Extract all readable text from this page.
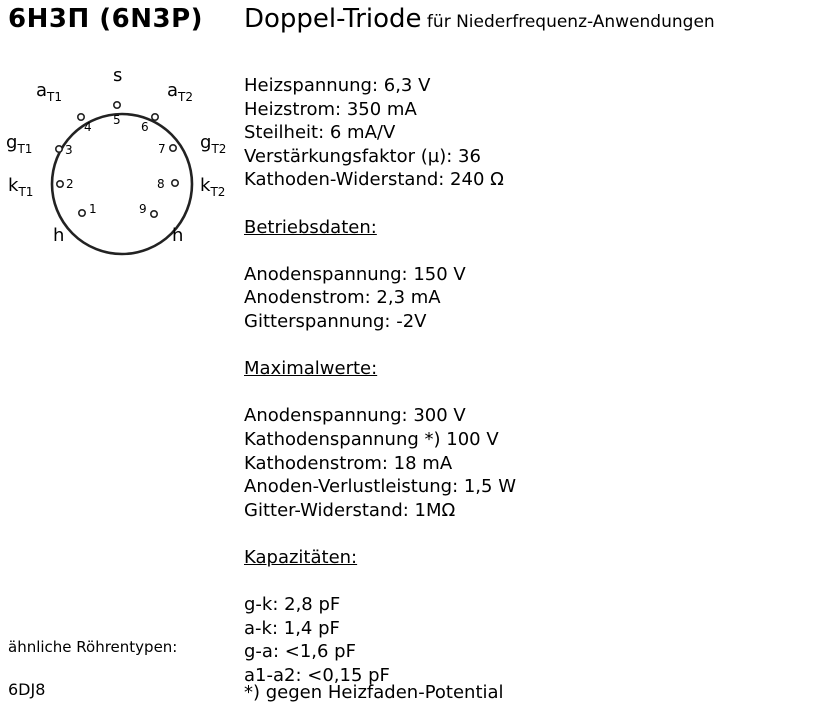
6Н3П (6N3P) Doppel-Triode für Niederfrequenz-Anwendungen
1
2
3
4 5 6
7
8
9
s
$a_{T1}$	$a_{T2}$
$g_{T1}$	$g_{T2}$
$k_{T1}$	$k_{T2}$
h	h
Heizspannung: 6,3 V
Heizstrom: 350 mA
Steilheit: 6 mA/V
Verstärkungsfaktor (µ): 36
Kathoden-Widerstand: 240 Ω
Betriebsdaten:
Anodenspannung: 150 V
Anodenstrom: 2,3 mA
Gitterspannung: -2V
Maximalwerte:
Anodenspannung: 300 V
Kathodenspannung *) 100 V
Kathodenstrom: 18 mA
Anoden-Verlustleistung: 1,5 W
Gitter-Widerstand: 1MΩ
Kapazitäten:
g-k: 2,8 pF
a-k: 1,4 pF
g-a: <1,6 pF
a1-a2: <0,15 pF
ähnliche Röhrentypen:
6DJ8	*) gegen Heizfaden-Potential
